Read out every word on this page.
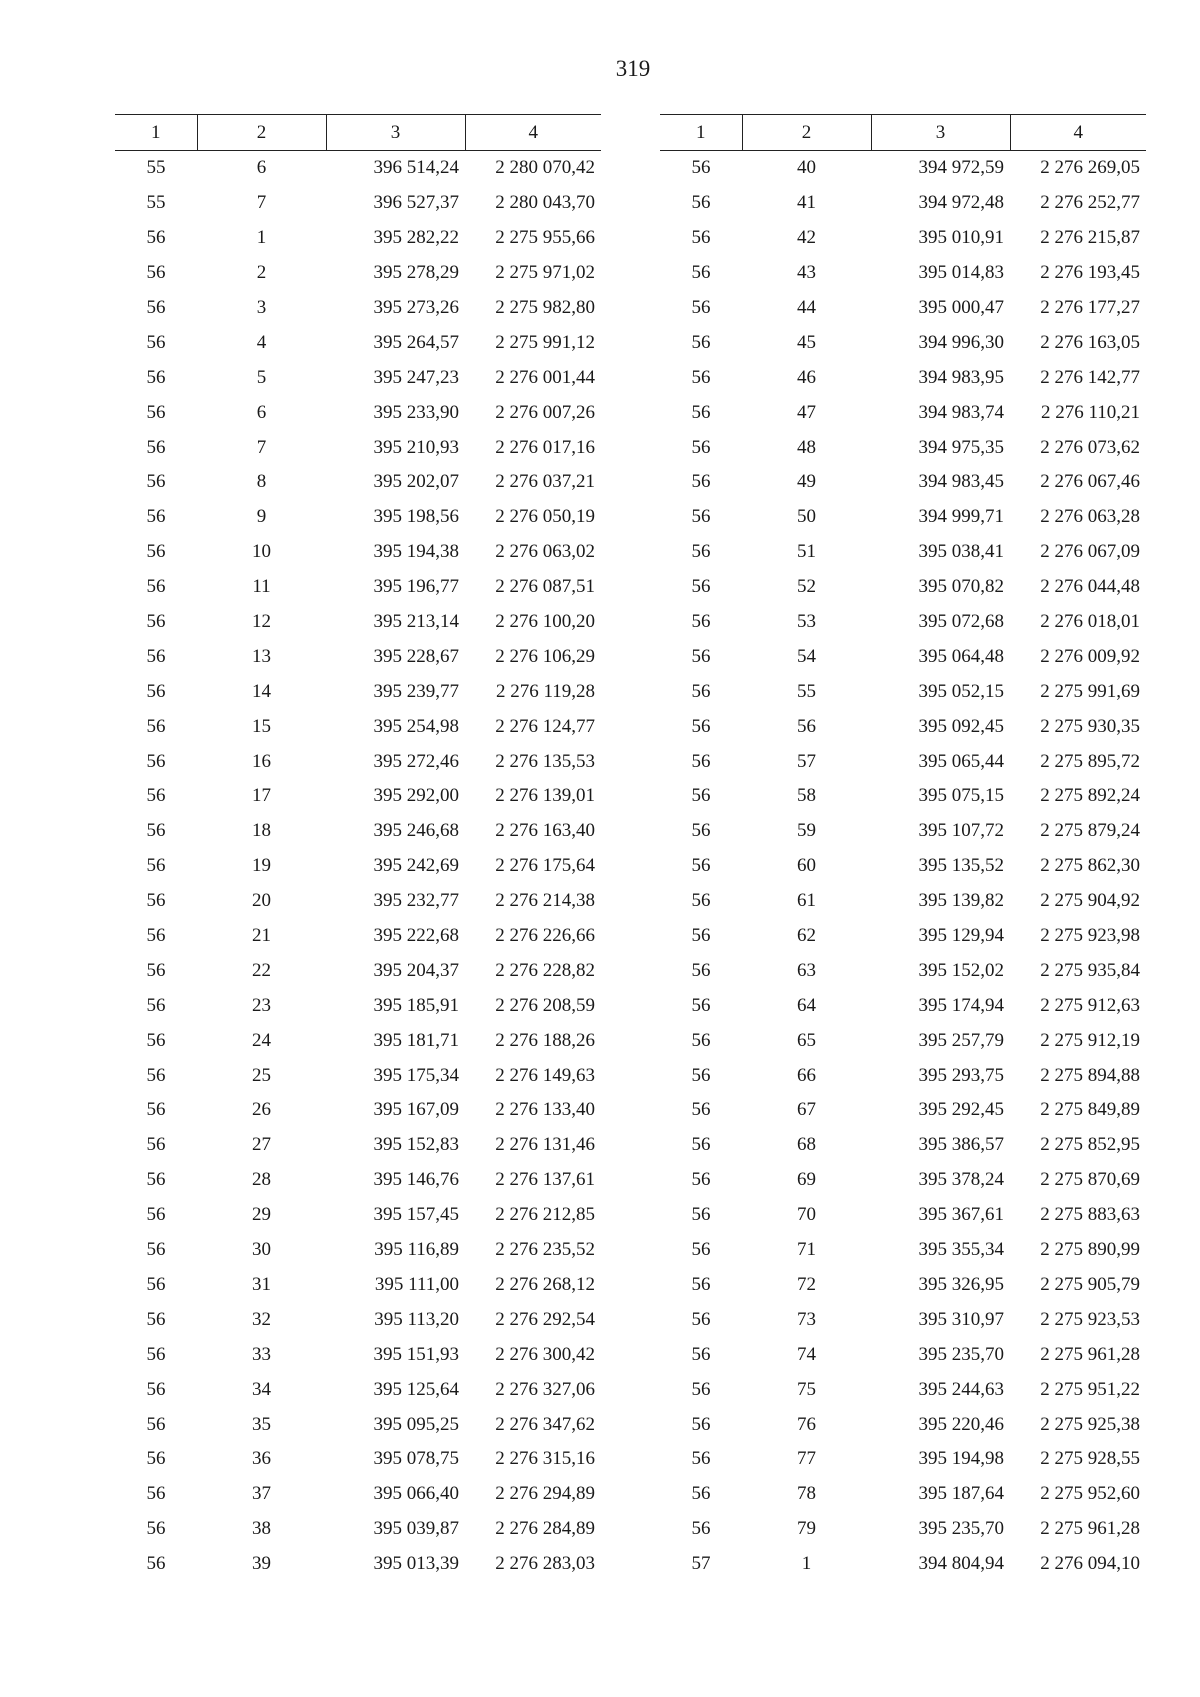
319
1	2	3	4
55	6	396 514,24	2 280 070,42
55	7	396 527,37	2 280 043,70
56	1	395 282,22	2 275 955,66
56	2	395 278,29	2 275 971,02
56	3	395 273,26	2 275 982,80
56	4	395 264,57	2 275 991,12
56	5	395 247,23	2 276 001,44
56	6	395 233,90	2 276 007,26
56	7	395 210,93	2 276 017,16
56	8	395 202,07	2 276 037,21
56	9	395 198,56	2 276 050,19
56	10	395 194,38	2 276 063,02
56	11	395 196,77	2 276 087,51
56	12	395 213,14	2 276 100,20
56	13	395 228,67	2 276 106,29
56	14	395 239,77	2 276 119,28
56	15	395 254,98	2 276 124,77
56	16	395 272,46	2 276 135,53
56	17	395 292,00	2 276 139,01
56	18	395 246,68	2 276 163,40
56	19	395 242,69	2 276 175,64
56	20	395 232,77	2 276 214,38
56	21	395 222,68	2 276 226,66
56	22	395 204,37	2 276 228,82
56	23	395 185,91	2 276 208,59
56	24	395 181,71	2 276 188,26
56	25	395 175,34	2 276 149,63
56	26	395 167,09	2 276 133,40
56	27	395 152,83	2 276 131,46
56	28	395 146,76	2 276 137,61
56	29	395 157,45	2 276 212,85
56	30	395 116,89	2 276 235,52
56	31	395 111,00	2 276 268,12
56	32	395 113,20	2 276 292,54
56	33	395 151,93	2 276 300,42
56	34	395 125,64	2 276 327,06
56	35	395 095,25	2 276 347,62
56	36	395 078,75	2 276 315,16
56	37	395 066,40	2 276 294,89
56	38	395 039,87	2 276 284,89
56	39	395 013,39	2 276 283,03
1	2	3	4
56	40	394 972,59	2 276 269,05
56	41	394 972,48	2 276 252,77
56	42	395 010,91	2 276 215,87
56	43	395 014,83	2 276 193,45
56	44	395 000,47	2 276 177,27
56	45	394 996,30	2 276 163,05
56	46	394 983,95	2 276 142,77
56	47	394 983,74	2 276 110,21
56	48	394 975,35	2 276 073,62
56	49	394 983,45	2 276 067,46
56	50	394 999,71	2 276 063,28
56	51	395 038,41	2 276 067,09
56	52	395 070,82	2 276 044,48
56	53	395 072,68	2 276 018,01
56	54	395 064,48	2 276 009,92
56	55	395 052,15	2 275 991,69
56	56	395 092,45	2 275 930,35
56	57	395 065,44	2 275 895,72
56	58	395 075,15	2 275 892,24
56	59	395 107,72	2 275 879,24
56	60	395 135,52	2 275 862,30
56	61	395 139,82	2 275 904,92
56	62	395 129,94	2 275 923,98
56	63	395 152,02	2 275 935,84
56	64	395 174,94	2 275 912,63
56	65	395 257,79	2 275 912,19
56	66	395 293,75	2 275 894,88
56	67	395 292,45	2 275 849,89
56	68	395 386,57	2 275 852,95
56	69	395 378,24	2 275 870,69
56	70	395 367,61	2 275 883,63
56	71	395 355,34	2 275 890,99
56	72	395 326,95	2 275 905,79
56	73	395 310,97	2 275 923,53
56	74	395 235,70	2 275 961,28
56	75	395 244,63	2 275 951,22
56	76	395 220,46	2 275 925,38
56	77	395 194,98	2 275 928,55
56	78	395 187,64	2 275 952,60
56	79	395 235,70	2 275 961,28
57	1	394 804,94	2 276 094,10
